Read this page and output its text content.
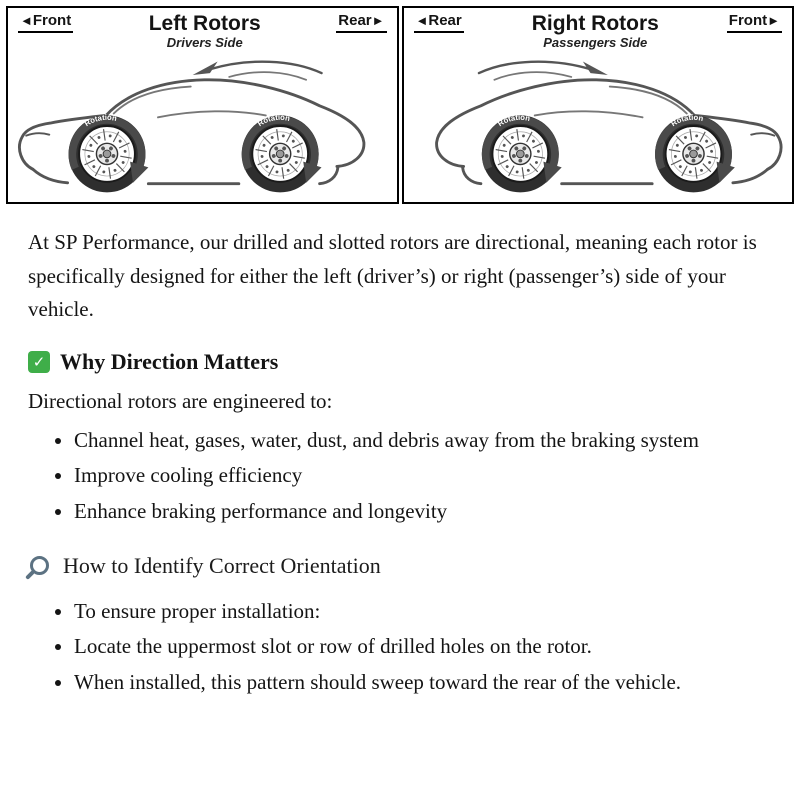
◄Front	Left Rotors
Drivers Side
Rear► ◄Rear	Right Rotors
Passengers Side
Front►

At SP Performance, our drilled and slotted rotors are directional, meaning each rotor is specifically designed for either the left (driver’s) or right (passenger’s) side of your vehicle.

✓ Why Direction Matters

Directional rotors are engineered to:

• Channel heat, gases, water, dust, and debris away from the braking system
• Improve cooling efficiency
• Enhance braking performance and longevity
How to Identify Correct Orientation
• To ensure proper installation:
• Locate the uppermost slot or row of drilled holes on the rotor.
• When installed, this pattern should sweep toward the rear of the vehicle.
